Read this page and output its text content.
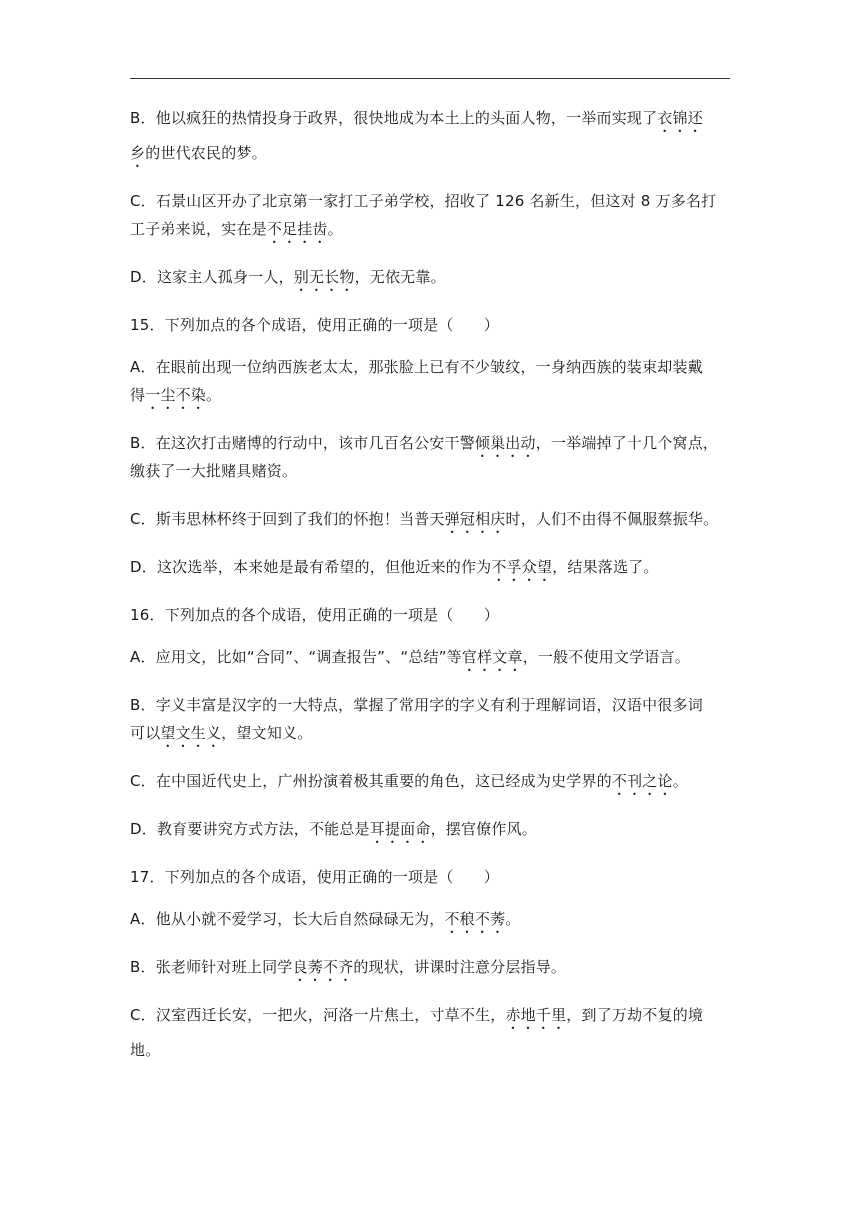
B．他以疯狂的热情投身于政界，很快地成为本土上的头面人物，一举而实现了衣锦还
乡的世代农民的梦。
C．石景山区开办了北京第一家打工子弟学校，招收了 126 名新生，但这对 8 万多名打
工子弟来说，实在是不足挂齿。
D．这家主人孤身一人，别无长物，无依无靠。
15．下列加点的各个成语，使用正确的一项是（　　）
A．在眼前出现一位纳西族老太太，那张脸上已有不少皱纹，一身纳西族的装束却装戴
得一尘不染。
B．在这次打击赌博的行动中，该市几百名公安干警倾巢出动，一举端掉了十几个窝点，
缴获了一大批赌具赌资。
C．斯韦思林杯终于回到了我们的怀抱！当普天弹冠相庆时，人们不由得不佩服蔡振华。
D．这次选举，本来她是最有希望的，但他近来的作为不孚众望，结果落选了。
16．下列加点的各个成语，使用正确的一项是（　　）
A．应用文，比如“合同”、“调查报告”、“总结”等官样文章，一般不使用文学语言。
B．字义丰富是汉字的一大特点，掌握了常用字的字义有利于理解词语，汉语中很多词
可以望文生义，望文知义。
C．在中国近代史上，广州扮演着极其重要的角色，这已经成为史学界的不刊之论。
D．教育要讲究方式方法，不能总是耳提面命，摆官僚作风。
17．下列加点的各个成语，使用正确的一项是（　　）
A．他从小就不爱学习，长大后自然碌碌无为，不稂不莠。
B．张老师针对班上同学良莠不齐的现状，讲课时注意分层指导。
C．汉室西迁长安，一把火，河洛一片焦土，寸草不生，赤地千里，到了万劫不复的境
地。
